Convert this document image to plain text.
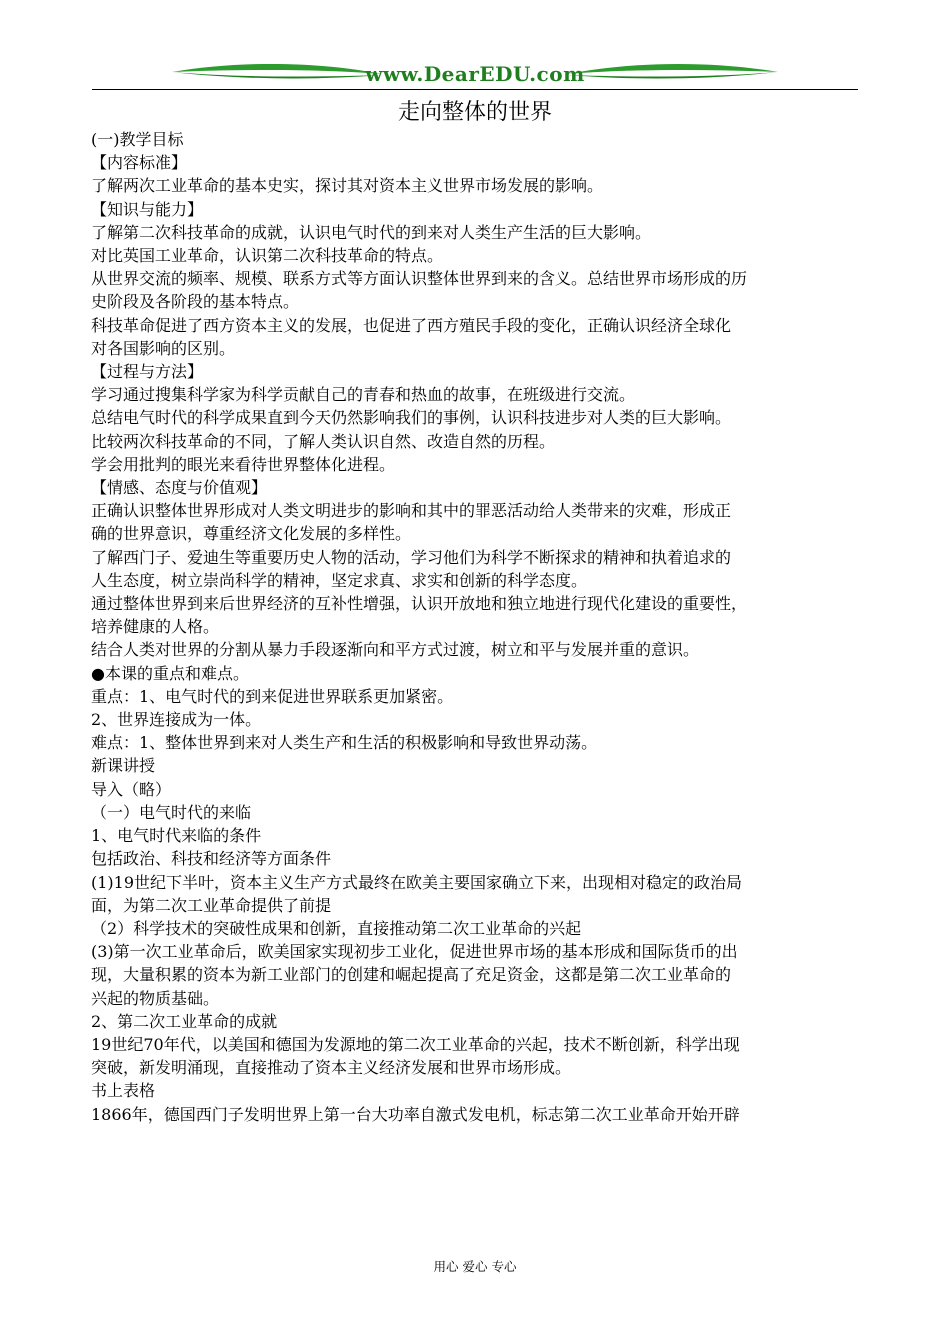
www.DearEDU.com
走向整体的世界

(一)教学目标

【内容标准】

了解两次工业革命的基本史实，探讨其对资本主义世界市场发展的影响。

【知识与能力】

了解第二次科技革命的成就，认识电气时代的到来对人类生产生活的巨大影响。

对比英国工业革命，认识第二次科技革命的特点。

从世界交流的频率、规模、联系方式等方面认识整体世界到来的含义。总结世界市场形成的历

史阶段及各阶段的基本特点。

科技革命促进了西方资本主义的发展，也促进了西方殖民手段的变化，正确认识经济全球化

对各国影响的区别。

【过程与方法】

学习通过搜集科学家为科学贡献自己的青春和热血的故事，在班级进行交流。

总结电气时代的科学成果直到今天仍然影响我们的事例，认识科技进步对人类的巨大影响。

比较两次科技革命的不同，了解人类认识自然、改造自然的历程。

学会用批判的眼光来看待世界整体化进程。

【情感、态度与价值观】

正确认识整体世界形成对人类文明进步的影响和其中的罪恶活动给人类带来的灾难，形成正

确的世界意识，尊重经济文化发展的多样性。

了解西门子、爱迪生等重要历史人物的活动，学习他们为科学不断探求的精神和执着追求的

人生态度，树立崇尚科学的精神，坚定求真、求实和创新的科学态度。

通过整体世界到来后世界经济的互补性增强，认识开放地和独立地进行现代化建设的重要性，

培养健康的人格。

结合人类对世界的分割从暴力手段逐渐向和平方式过渡，树立和平与发展并重的意识。

●本课的重点和难点。

重点：1、电气时代的到来促进世界联系更加紧密。

2、世界连接成为一体。

难点：1、整体世界到来对人类生产和生活的积极影响和导致世界动荡。

新课讲授

导入（略）

（一）电气时代的来临

1、电气时代来临的条件

包括政治、科技和经济等方面条件

(1)19世纪下半叶，资本主义生产方式最终在欧美主要国家确立下来，出现相对稳定的政治局

面，为第二次工业革命提供了前提

（2）科学技术的突破性成果和创新，直接推动第二次工业革命的兴起

(3)第一次工业革命后，欧美国家实现初步工业化，促进世界市场的基本形成和国际货币的出

现，大量积累的资本为新工业部门的创建和崛起提高了充足资金，这都是第二次工业革命的

兴起的物质基础。

2、第二次工业革命的成就

19世纪70年代，以美国和德国为发源地的第二次工业革命的兴起，技术不断创新，科学出现

突破，新发明涌现，直接推动了资本主义经济发展和世界市场形成。

书上表格

1866年，德国西门子发明世界上第一台大功率自激式发电机，标志第二次工业革命开始开辟

用心 爱心 专心
